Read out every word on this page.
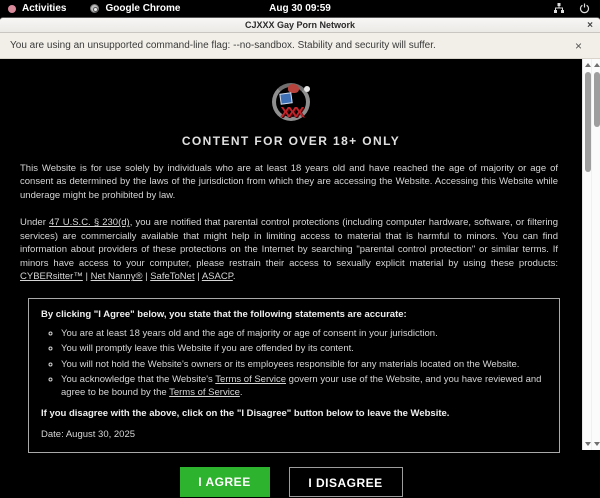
Activities	Google Chrome	Aug 30 09:59
CJXXX Gay Porn Network	×
You are using an unsupported command-line flag: --no-sandbox. Stability and security will suffer.	×
XXX
CONTENT FOR OVER 18+ ONLY

This Website is for use solely by individuals who are at least 18 years old and have reached the age of majority or age of consent as determined by the laws of the jurisdiction from which they are accessing the Website. Accessing this Website while underage might be prohibited by law.

Under 47 U.S.C. § 230(d), you are notified that parental control protections (including computer hardware, software, or filtering services) are commercially available that might help in limiting access to material that is harmful to minors. You can find information about providers of these protections on the Internet by searching "parental control protection" or similar terms. If minors have access to your computer, please restrain their access to sexually explicit material by using these products: CYBERsitter™ | Net Nanny® | SafeToNet | ASACP.

By clicking "I Agree" below, you state that the following statements are accurate:
◦ You are at least 18 years old and the age of majority or age of consent in your jurisdiction.
◦ You will promptly leave this Website if you are offended by its content.
◦ You will not hold the Website's owners or its employees responsible for any materials located on the Website.
◦ You acknowledge that the Website's Terms of Service govern your use of the Website, and you have reviewed and agree to be bound by the Terms of Service.
If you disagree with the above, click on the "I Disagree" button below to leave the Website.
Date: August 30, 2025
I AGREE	I DISAGREE
